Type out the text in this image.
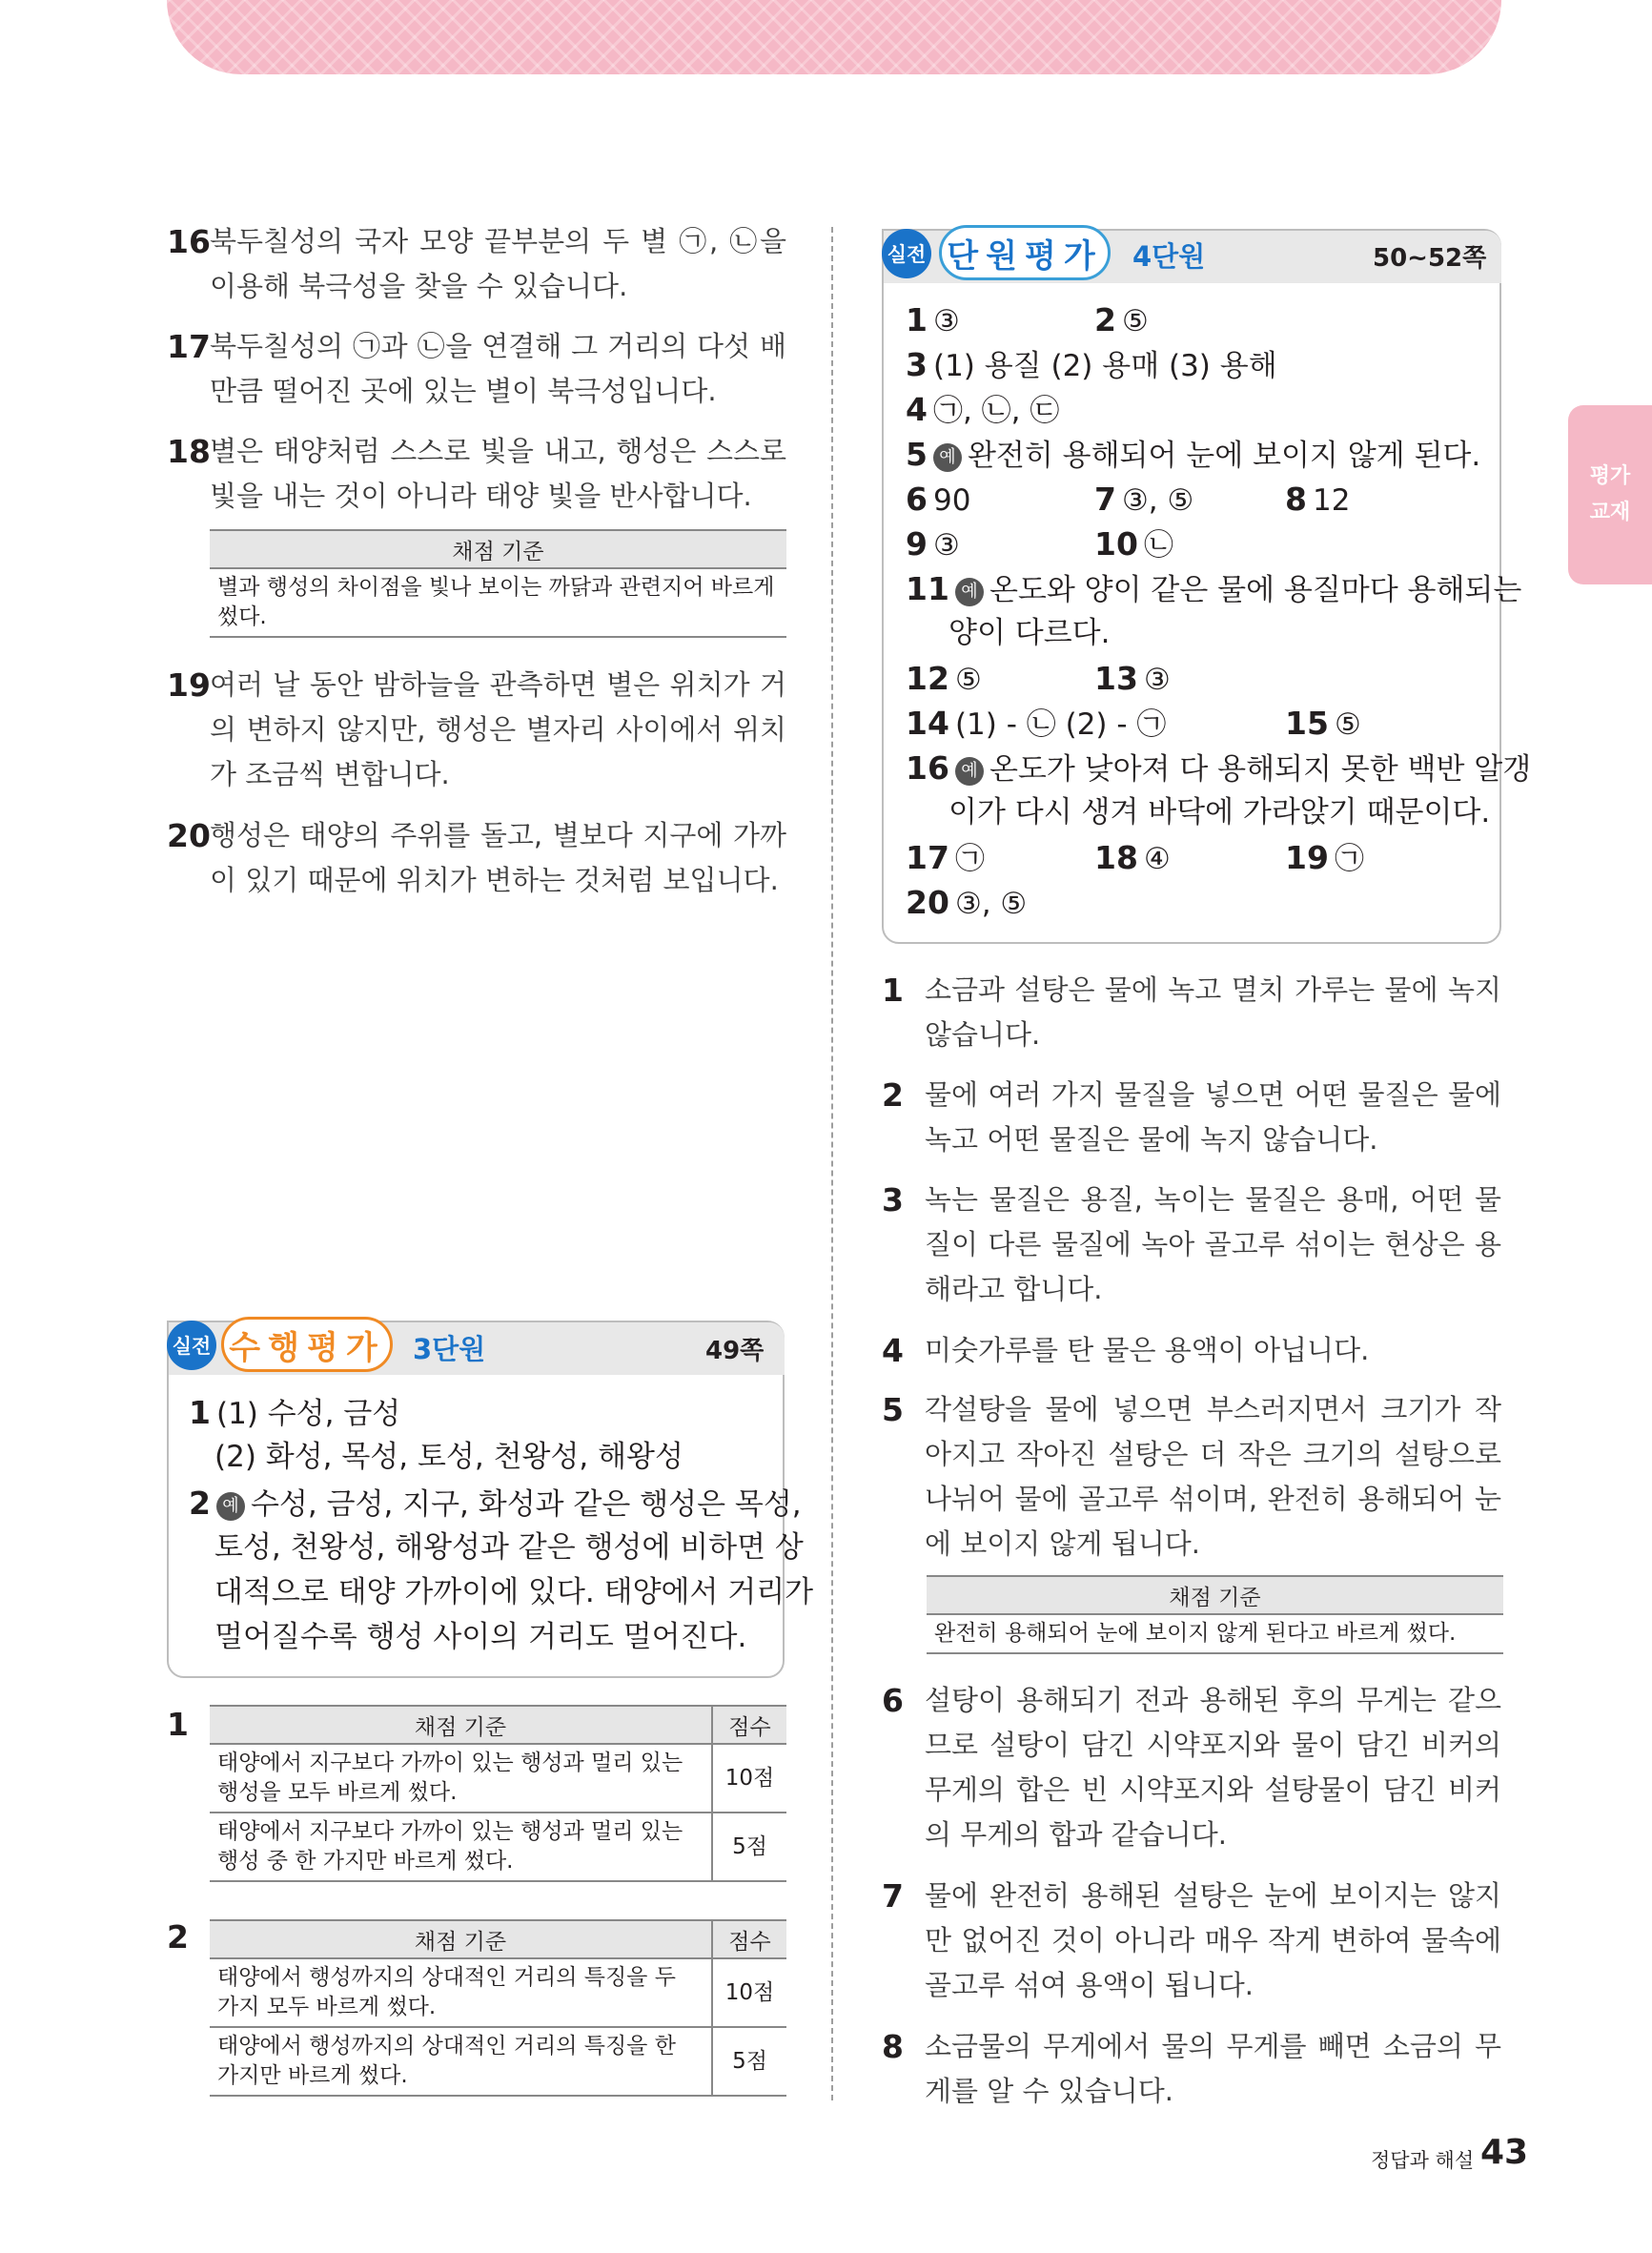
평가
교재
16 북두칠성의 국자 모양 끝부분의 두 별 ㉠, ㉡을 이용해 북극성을 찾을 수 있습니다.
17 북두칠성의 ㉠과 ㉡을 연결해 그 거리의 다섯 배만큼 떨어진 곳에 있는 별이 북극성입니다.
18 별은 태양처럼 스스로 빛을 내고, 행성은 스스로 빛을 내는 것이 아니라 태양 빛을 반사합니다.
채점 기준
별과 행성의 차이점을 빛나 보이는 까닭과 관련지어 바르게 썼다.
19 여러 날 동안 밤하늘을 관측하면 별은 위치가 거의 변하지 않지만, 행성은 별자리 사이에서 위치가 조금씩 변합니다.
20 행성은 태양의 주위를 돌고, 별보다 지구에 가까이 있기 때문에 위치가 변하는 것처럼 보입니다.
실전 수행평가 3단원	49쪽
1 (1) 수성, 금성
(2) 화성, 목성, 토성, 천왕성, 해왕성
2 예 수성, 금성, 지구, 화성과 같은 행성은 목성,
토성, 천왕성, 해왕성과 같은 행성에 비하면 상
대적으로 태양 가까이에 있다. 태양에서 거리가
멀어질수록 행성 사이의 거리도 멀어진다.
1	채점 기준	점수
태양에서 지구보다 가까이 있는 행성과 멀리 있는 행성을 모두 바르게 썼다.	10점
태양에서 지구보다 가까이 있는 행성과 멀리 있는 행성 중 한 가지만 바르게 썼다.	5점
2	채점 기준	점수
태양에서 행성까지의 상대적인 거리의 특징을 두 가지 모두 바르게 썼다.	10점
태양에서 행성까지의 상대적인 거리의 특징을 한 가지만 바르게 썼다.	5점
실전 단원평가 4단원	50~52쪽
1 ③	2 ⑤
3 (1) 용질 (2) 용매 (3) 용해
4 ㉠, ㉡, ㉢
5 예 완전히 용해되어 눈에 보이지 않게 된다.
6 90	7 ③, ⑤	8 12
9 ③	10 ㉡
11 예 온도와 양이 같은 물에 용질마다 용해되는
양이 다르다.
12 ⑤	13 ③
14 (1) - ㉡ (2) - ㉠	15 ⑤
16 예 온도가 낮아져 다 용해되지 못한 백반 알갱
이가 다시 생겨 바닥에 가라앉기 때문이다.
17 ㉠	18 ④	19 ㉠
20 ③, ⑤
1 소금과 설탕은 물에 녹고 멸치 가루는 물에 녹지 않습니다.
2 물에 여러 가지 물질을 넣으면 어떤 물질은 물에 녹고 어떤 물질은 물에 녹지 않습니다.
3 녹는 물질은 용질, 녹이는 물질은 용매, 어떤 물질이 다른 물질에 녹아 골고루 섞이는 현상은 용해라고 합니다.
4 미숫가루를 탄 물은 용액이 아닙니다.
5 각설탕을 물에 넣으면 부스러지면서 크기가 작아지고 작아진 설탕은 더 작은 크기의 설탕으로 나뉘어 물에 골고루 섞이며, 완전히 용해되어 눈에 보이지 않게 됩니다.
채점 기준
완전히 용해되어 눈에 보이지 않게 된다고 바르게 썼다.
6 설탕이 용해되기 전과 용해된 후의 무게는 같으므로 설탕이 담긴 시약포지와 물이 담긴 비커의 무게의 합은 빈 시약포지와 설탕물이 담긴 비커의 무게의 합과 같습니다.
7 물에 완전히 용해된 설탕은 눈에 보이지는 않지만 없어진 것이 아니라 매우 작게 변하여 물속에 골고루 섞여 용액이 됩니다.
8 소금물의 무게에서 물의 무게를 빼면 소금의 무게를 알 수 있습니다.
정답과 해설 43
